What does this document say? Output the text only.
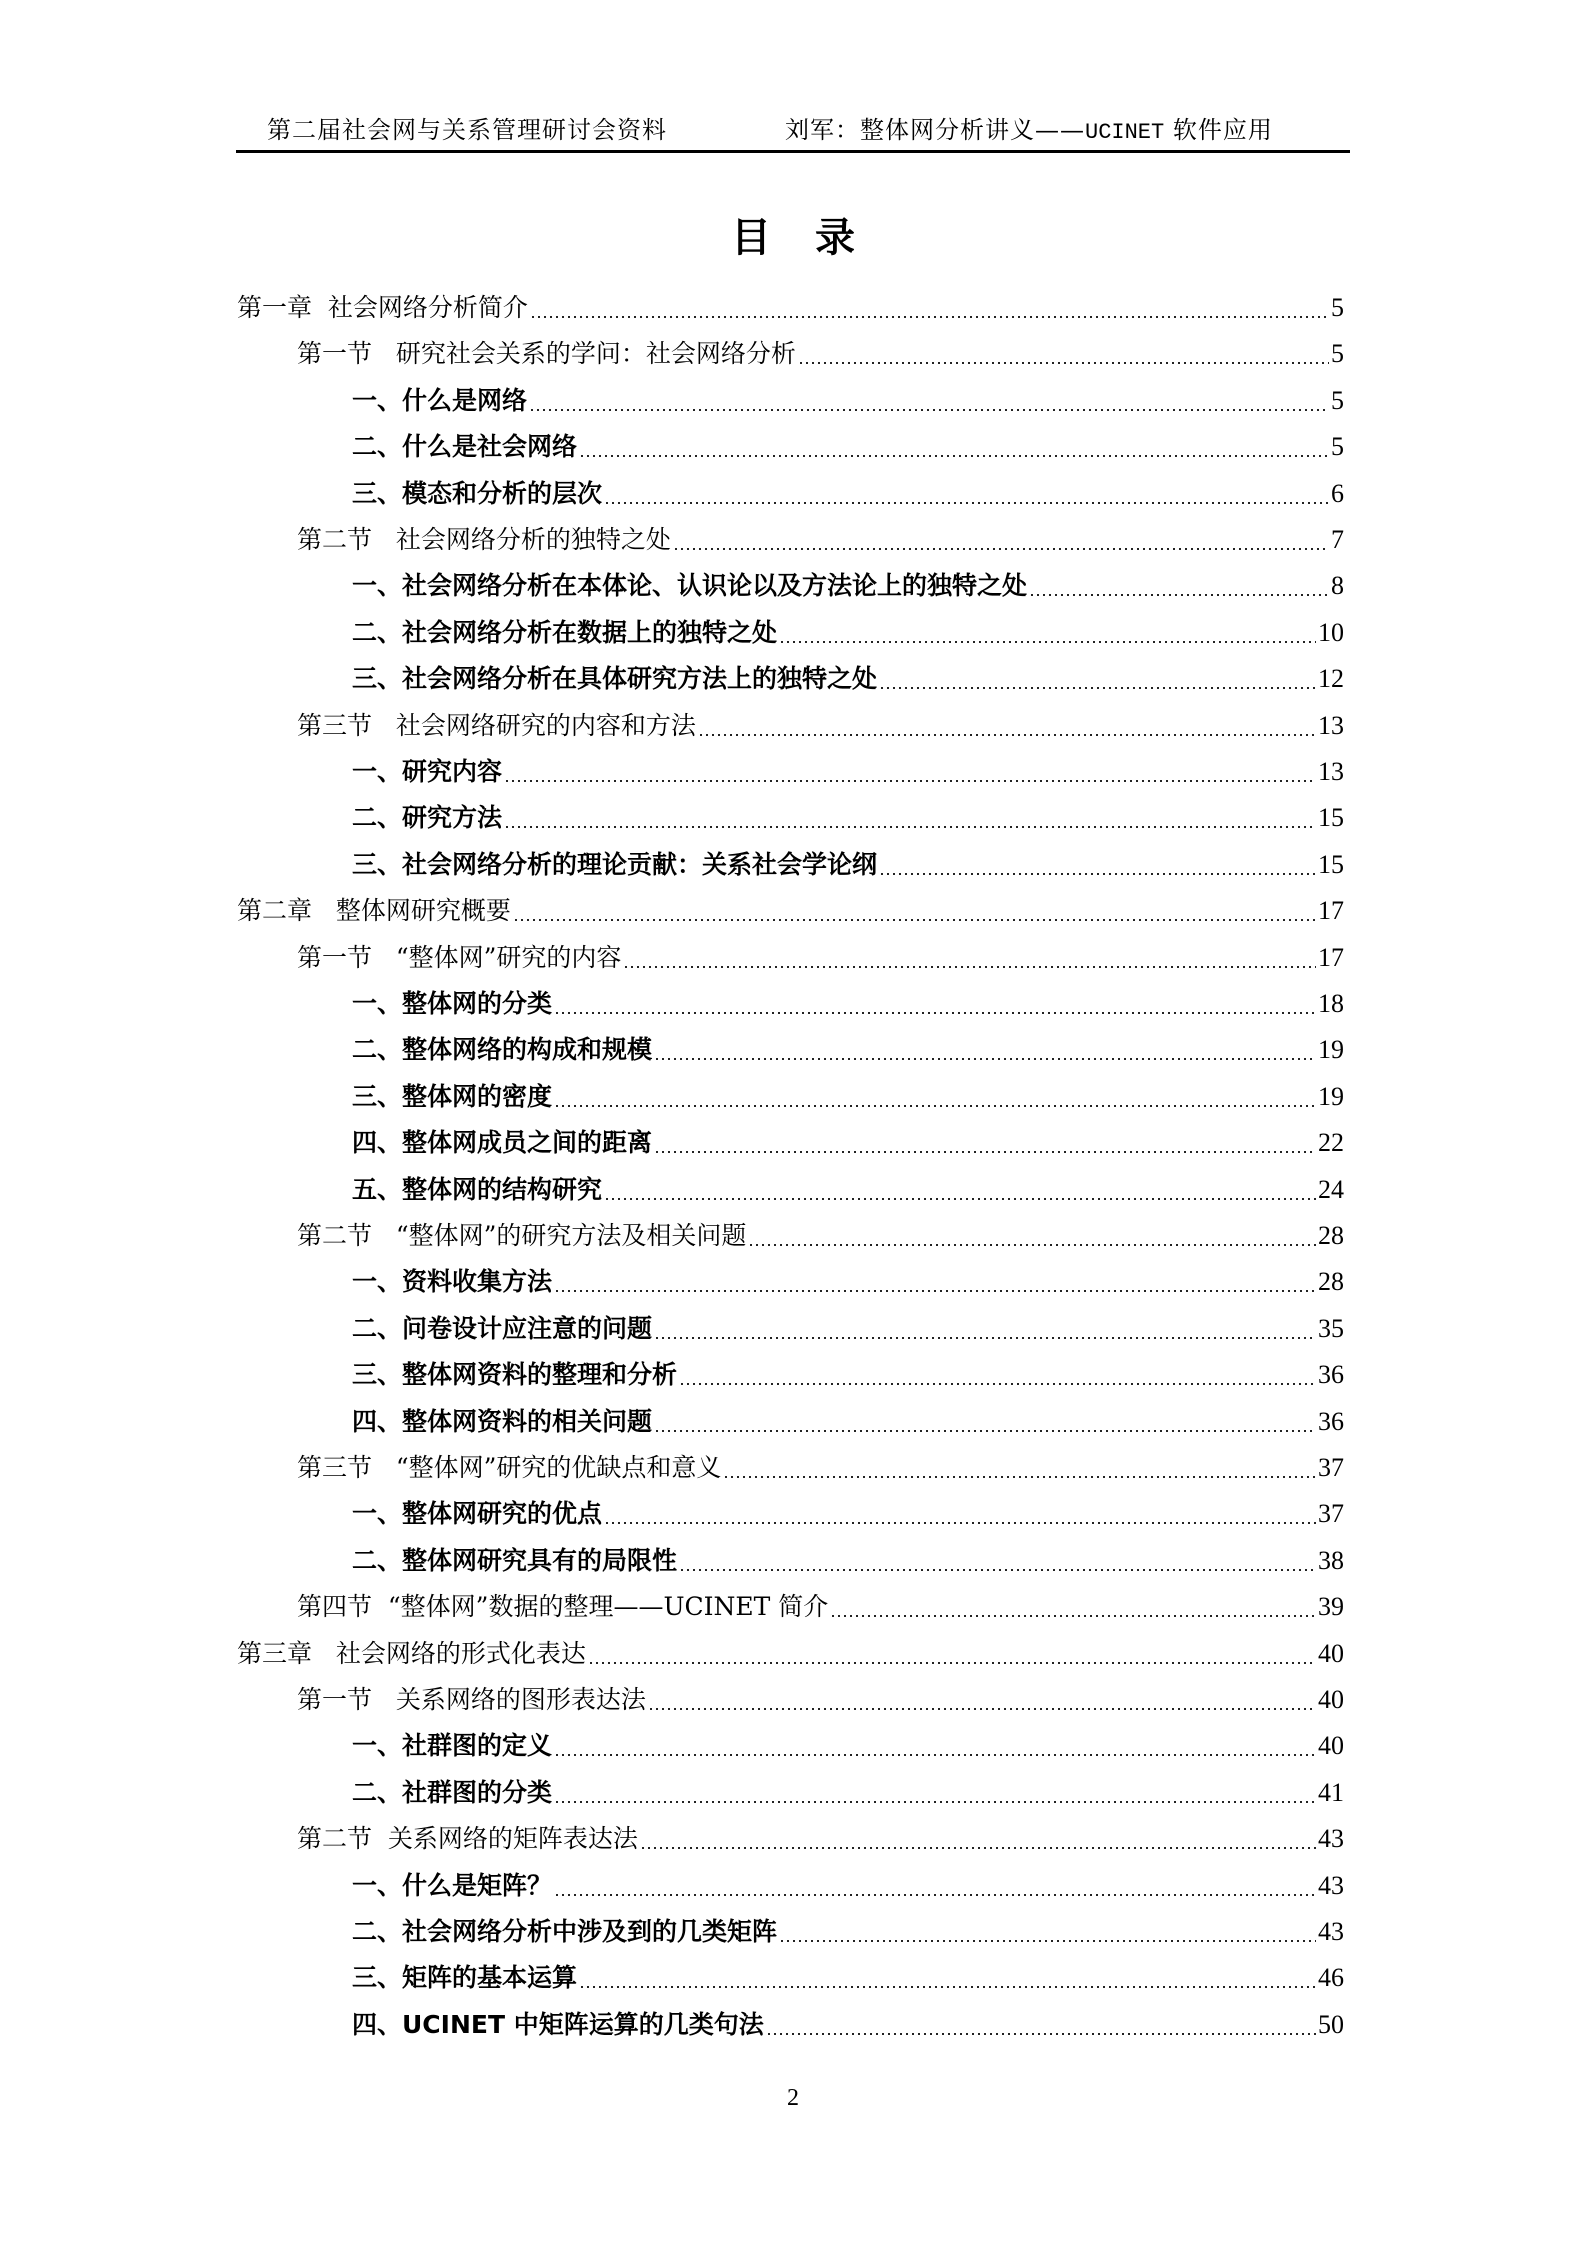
第二届社会网与关系管理研讨会资料	刘军：整体网分析讲义——UCINET 软件应用
目录
第一章  社会网络分析简介	5
第一节   研究社会关系的学问：社会网络分析	5
一、什么是网络	5
二、什么是社会网络	5
三、模态和分析的层次	6
第二节   社会网络分析的独特之处	7
一、社会网络分析在本体论、认识论以及方法论上的独特之处	8
二、社会网络分析在数据上的独特之处	10
三、社会网络分析在具体研究方法上的独特之处	12
第三节   社会网络研究的内容和方法	13
一、研究内容	13
二、研究方法	15
三、社会网络分析的理论贡献：关系社会学论纲	15
第二章   整体网研究概要	17
第一节   “整体网”研究的内容	17
一、整体网的分类	18
二、整体网络的构成和规模	19
三、整体网的密度	19
四、整体网成员之间的距离	22
五、整体网的结构研究	24
第二节   “整体网”的研究方法及相关问题	28
一、资料收集方法	28
二、问卷设计应注意的问题	35
三、整体网资料的整理和分析	36
四、整体网资料的相关问题	36
第三节   “整体网”研究的优缺点和意义	37
一、整体网研究的优点	37
二、整体网研究具有的局限性	38
第四节  “整体网”数据的整理——UCINET 简介	39
第三章   社会网络的形式化表达	40
第一节   关系网络的图形表达法	40
一、社群图的定义	40
二、社群图的分类	41
第二节  关系网络的矩阵表达法	43
一、什么是矩阵？	43
二、社会网络分析中涉及到的几类矩阵	43
三、矩阵的基本运算	46
四、UCINET 中矩阵运算的几类句法	50
2
